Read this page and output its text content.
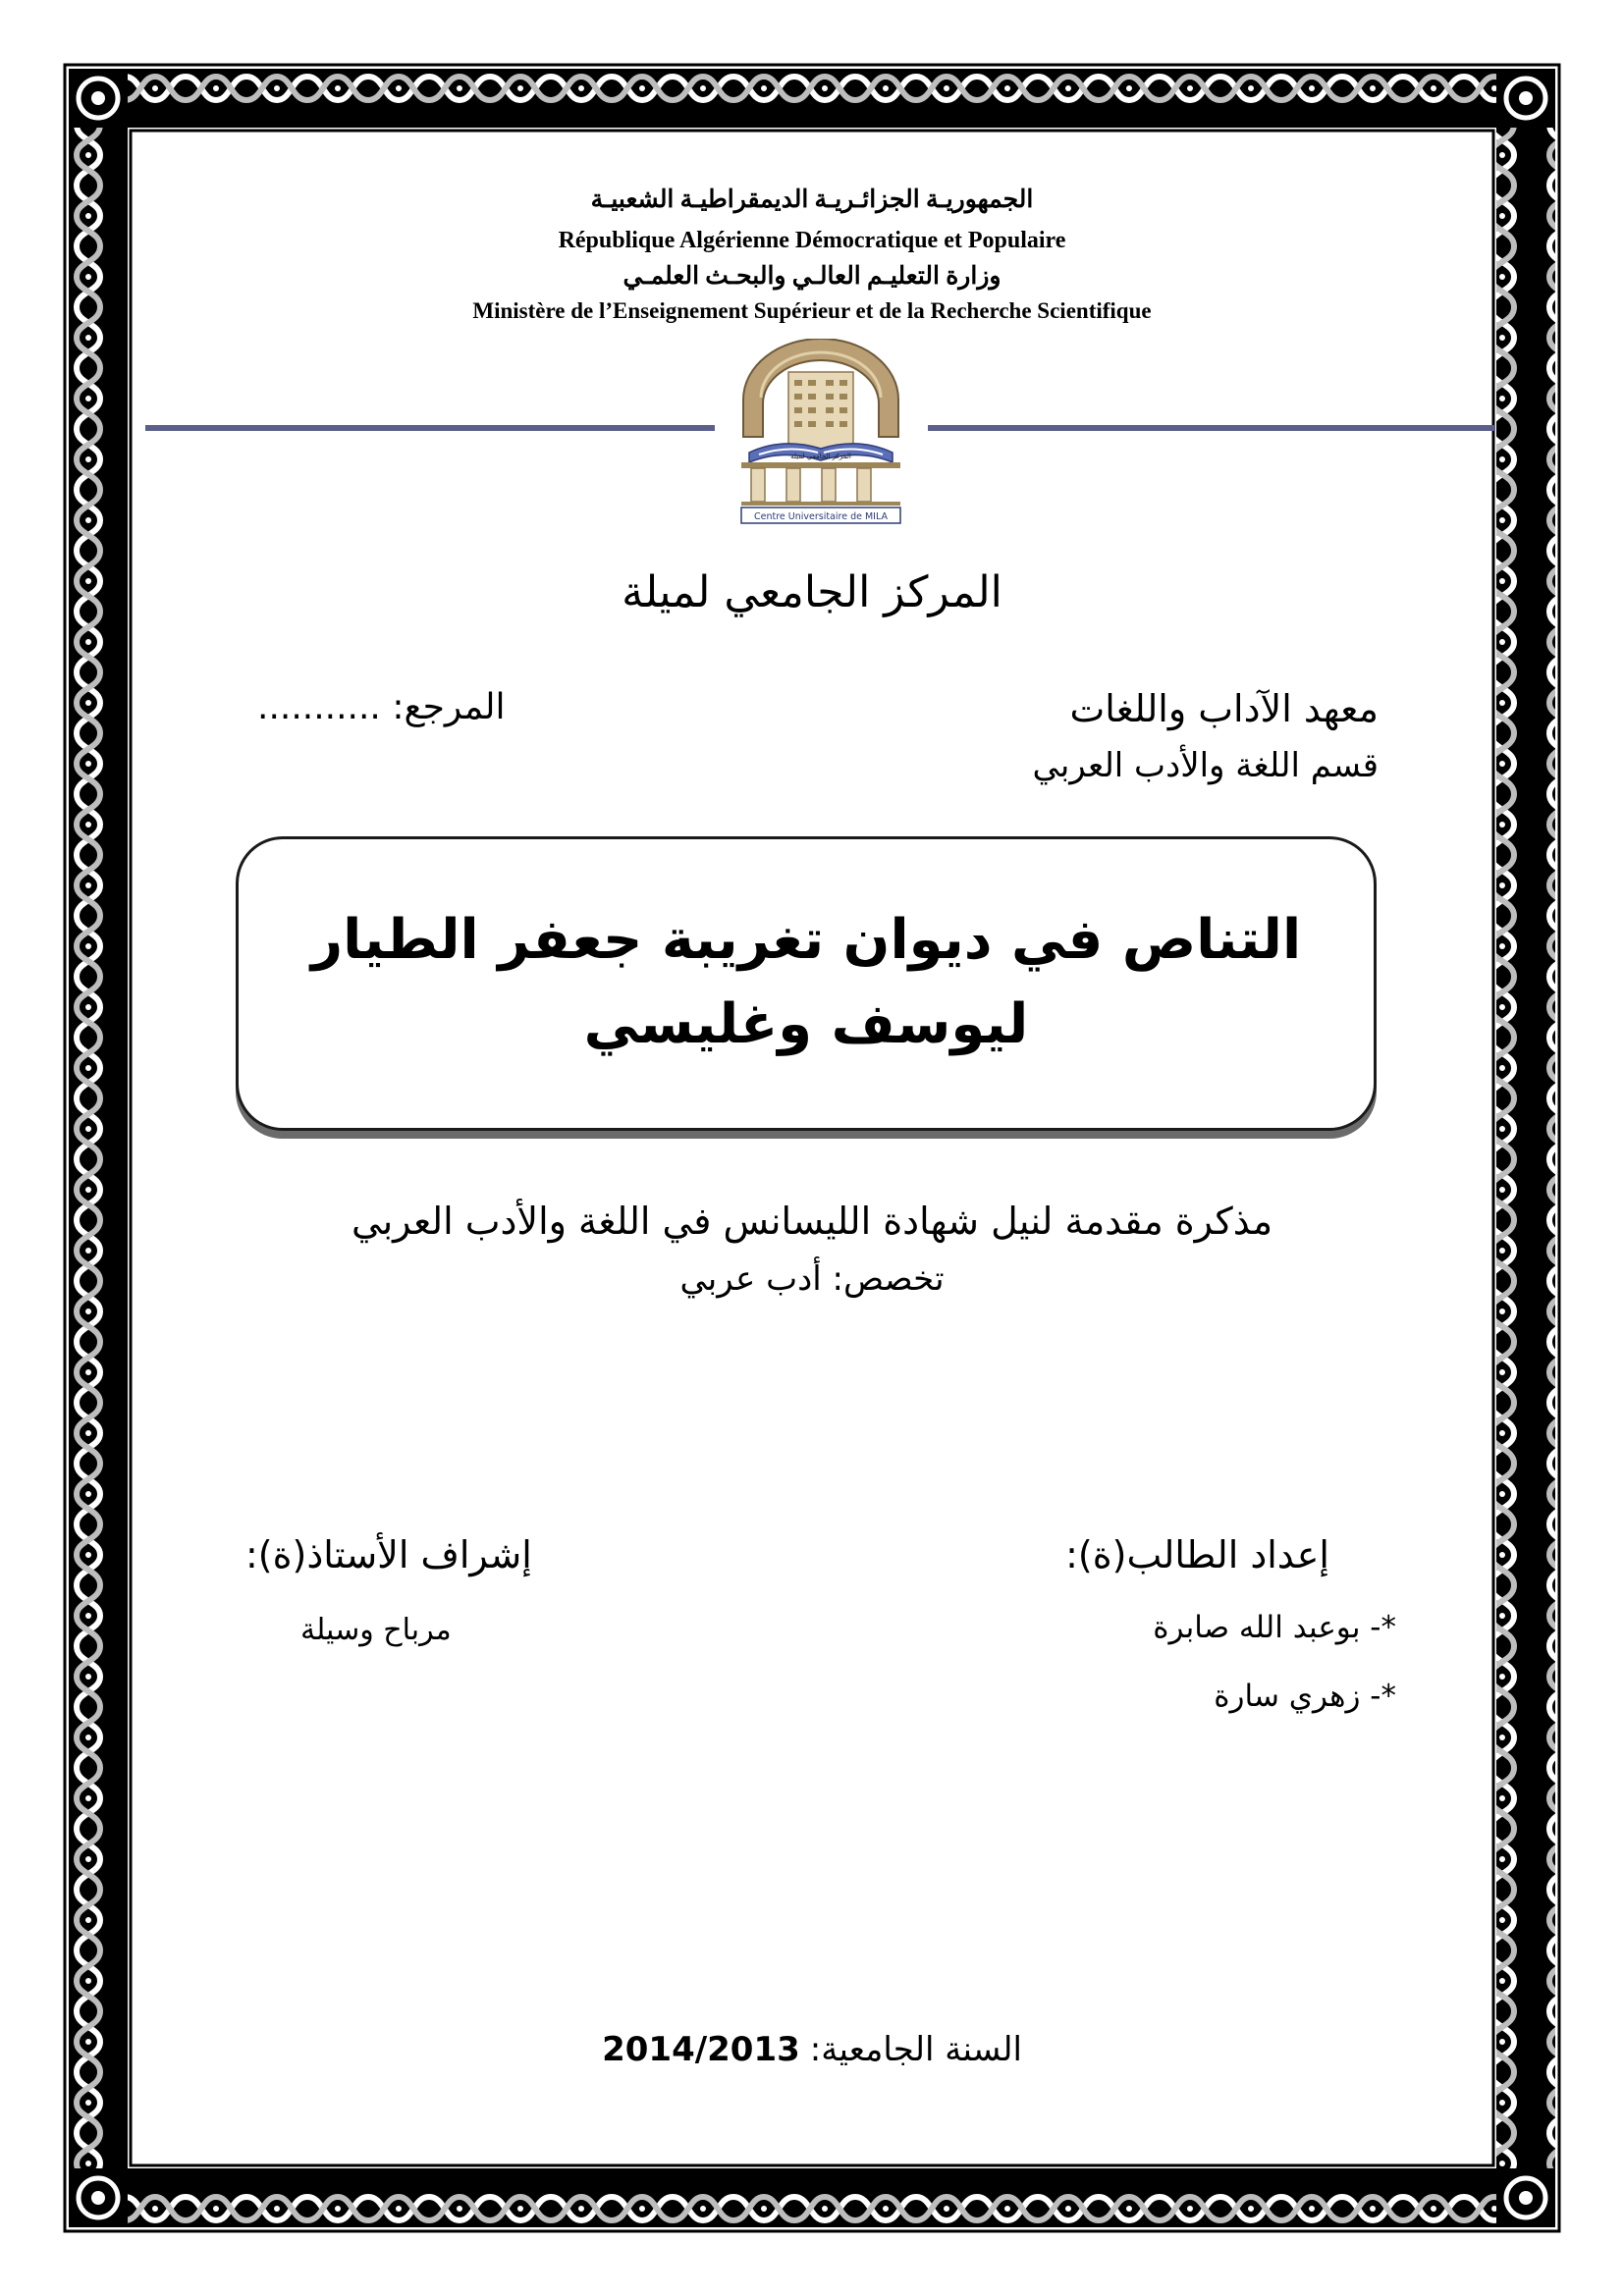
الجمهوريـة الجزائـريـة الديمقراطيـة الشعبيـة
République Algérienne Démocratique et Populaire
وزارة التعليـم العالـي والبحـث العلمـي
Ministère de l’Enseignement Supérieur et de la Recherche Scientifique
Centre Universitaire de MILA
المركز الجامعي لميلة
المركز الجامعي لميلة
معهد الآداب واللغات
قسم اللغة والأدب العربي
المرجع: ...........
التناص في ديوان تغريبة جعفر الطيار ليوسف وغليسي
مذكرة مقدمة لنيل شهادة الليسانس في اللغة والأدب العربي
تخصص: أدب عربي
إعداد الطالب(ة):
*- بوعبد الله صابرة
*- زهري سارة
إشراف الأستاذ(ة):
مرباح وسيلة
2014/2013 السنة الجامعية:
